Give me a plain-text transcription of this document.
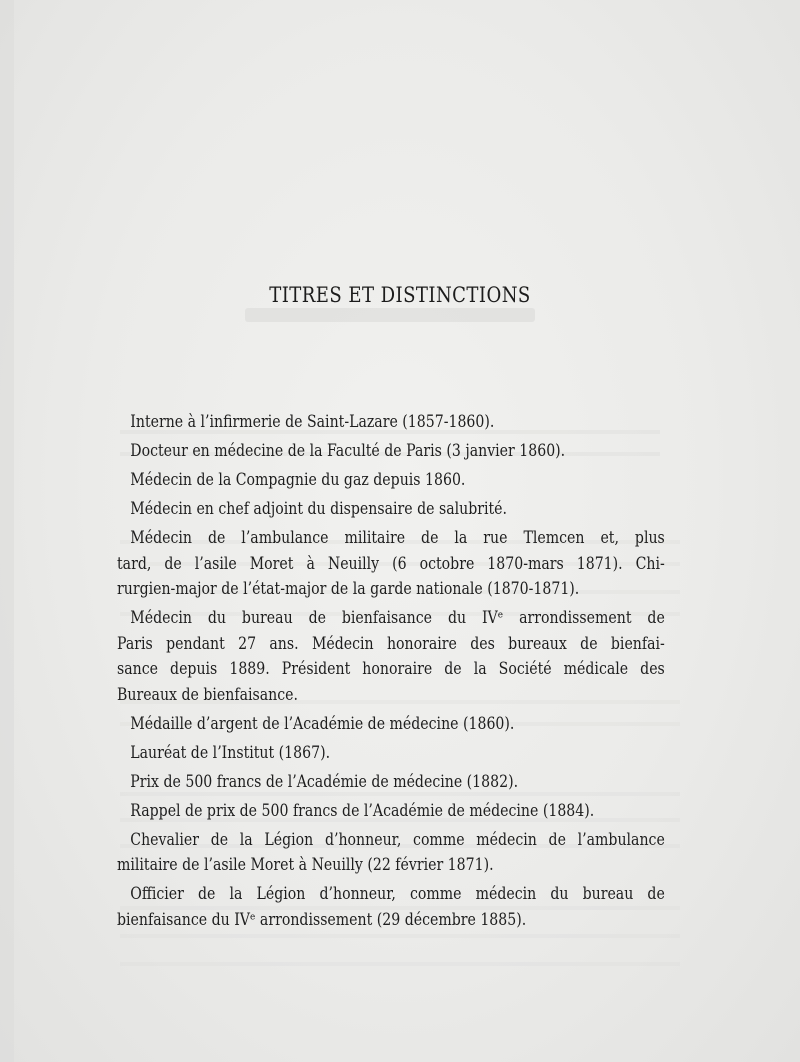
TITRES ET DISTINCTIONS

Interne à l’infirmerie de Saint-Lazare (1857-1860).

Docteur en médecine de la Faculté de Paris (3 janvier 1860).

Médecin de la Compagnie du gaz depuis 1860.

Médecin en chef adjoint du dispensaire de salubrité.

Médecin de l’ambulance militaire de la rue Tlemcen et, plus
tard, de l’asile Moret à Neuilly (6 octobre 1870-mars 1871). Chi-
rurgien-major de l’état-major de la garde nationale (1870-1871).

Médecin du bureau de bienfaisance du IVᵉ arrondissement de
Paris pendant 27 ans. Médecin honoraire des bureaux de bienfai-
sance depuis 1889. Président honoraire de la Société médicale des
Bureaux de bienfaisance.

Médaille d’argent de l’Académie de médecine (1860).

Lauréat de l’Institut (1867).

Prix de 500 francs de l’Académie de médecine (1882).

Rappel de prix de 500 francs de l’Académie de médecine (1884).

Chevalier de la Légion d’honneur, comme médecin de l’ambulance
militaire de l’asile Moret à Neuilly (22 février 1871).

Officier de la Légion d’honneur, comme médecin du bureau de
bienfaisance du IVᵉ arrondissement (29 décembre 1885).
